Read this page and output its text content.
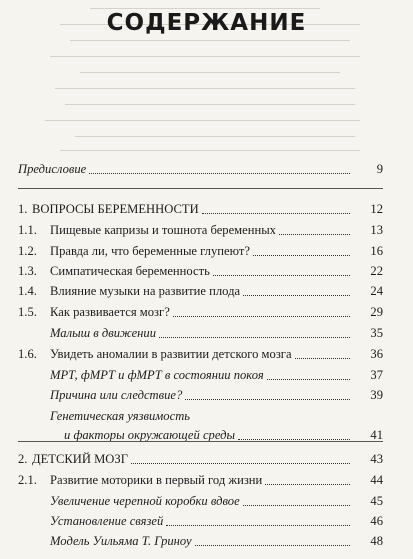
СОДЕРЖАНИЕ
Предисловие	9
1. ВОПРОСЫ БЕРЕМЕННОСТИ	12
1.1. Пищевые капризы и тошнота беременных	13
1.2. Правда ли, что беременные глупеют?	16
1.3. Симпатическая беременность	22
1.4. Влияние музыки на развитие плода	24
1.5. Как развивается мозг?	29
Малыш в движении	35
1.6. Увидеть аномалии в развитии детского мозга	36
МРТ, фМРТ и фМРТ в состоянии покоя	37
Причина или следствие?	39
Генетическая уязвимость
и факторы окружающей среды	41
2. ДЕТСКИЙ МОЗГ	43
2.1. Развитие моторики в первый год жизни	44
Увеличение черепной коробки вдвое	45
Установление связей	46
Модель Уильяма Т. Гриноу	48
